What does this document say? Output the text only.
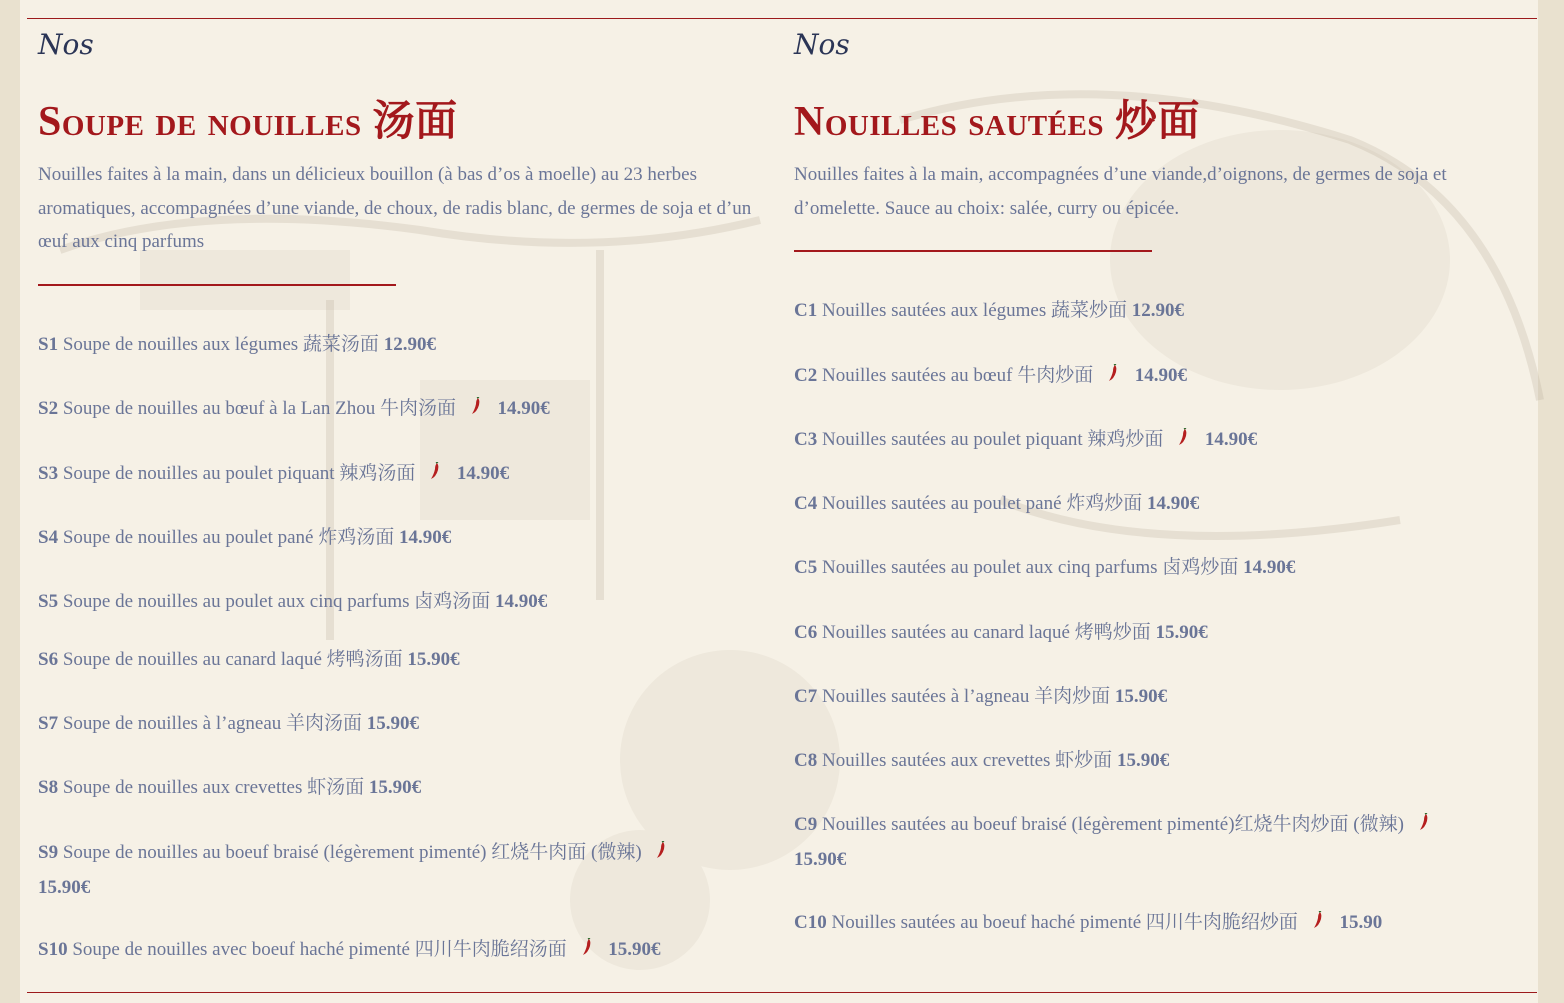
Nos
Soupe de nouilles 汤面

Nouilles faites à la main, dans un délicieux bouillon (à bas d’os à moelle) au 23 herbes aromatiques, accompagnées d’une viande, de choux, de radis blanc, de germes de soja et d’un œuf aux cinq parfums

S1 Soupe de nouilles aux légumes 蔬菜汤面 12.90€
S2 Soupe de nouilles au bœuf à la Lan Zhou 牛肉汤面 14.90€
S3 Soupe de nouilles au poulet piquant 辣鸡汤面 14.90€
S4 Soupe de nouilles au poulet pané 炸鸡汤面 14.90€
S5 Soupe de nouilles au poulet aux cinq parfums 卤鸡汤面 14.90€
S6 Soupe de nouilles au canard laqué 烤鸭汤面 15.90€
S7 Soupe de nouilles à l’agneau 羊肉汤面 15.90€
S8 Soupe de nouilles aux crevettes 虾汤面 15.90€
S9 Soupe de nouilles au boeuf braisé (légèrement pimenté) 红烧牛肉面 (微辣)  15.90€
S10 Soupe de nouilles avec boeuf haché pimenté 四川牛肉脆绍汤面 15.90€
Nos
Nouilles sautées 炒面

Nouilles faites à la main, accompagnées d’une viande,d’oignons, de germes de soja et d’omelette. Sauce au choix: salée, curry ou épicée.

C1 Nouilles sautées aux légumes 蔬菜炒面 12.90€
C2 Nouilles sautées au bœuf 牛肉炒面 14.90€
C3 Nouilles sautées au poulet piquant 辣鸡炒面 14.90€
C4 Nouilles sautées au poulet pané 炸鸡炒面 14.90€
C5 Nouilles sautées au poulet aux cinq parfums 卤鸡炒面 14.90€
C6 Nouilles sautées au canard laqué 烤鸭炒面 15.90€
C7 Nouilles sautées à l’agneau 羊肉炒面 15.90€
C8 Nouilles sautées aux crevettes 虾炒面 15.90€
C9 Nouilles sautées au boeuf braisé (légèrement pimenté)红烧牛肉炒面 (微辣)  15.90€
C10 Nouilles sautées au boeuf haché pimenté 四川牛肉脆绍炒面 15.90
